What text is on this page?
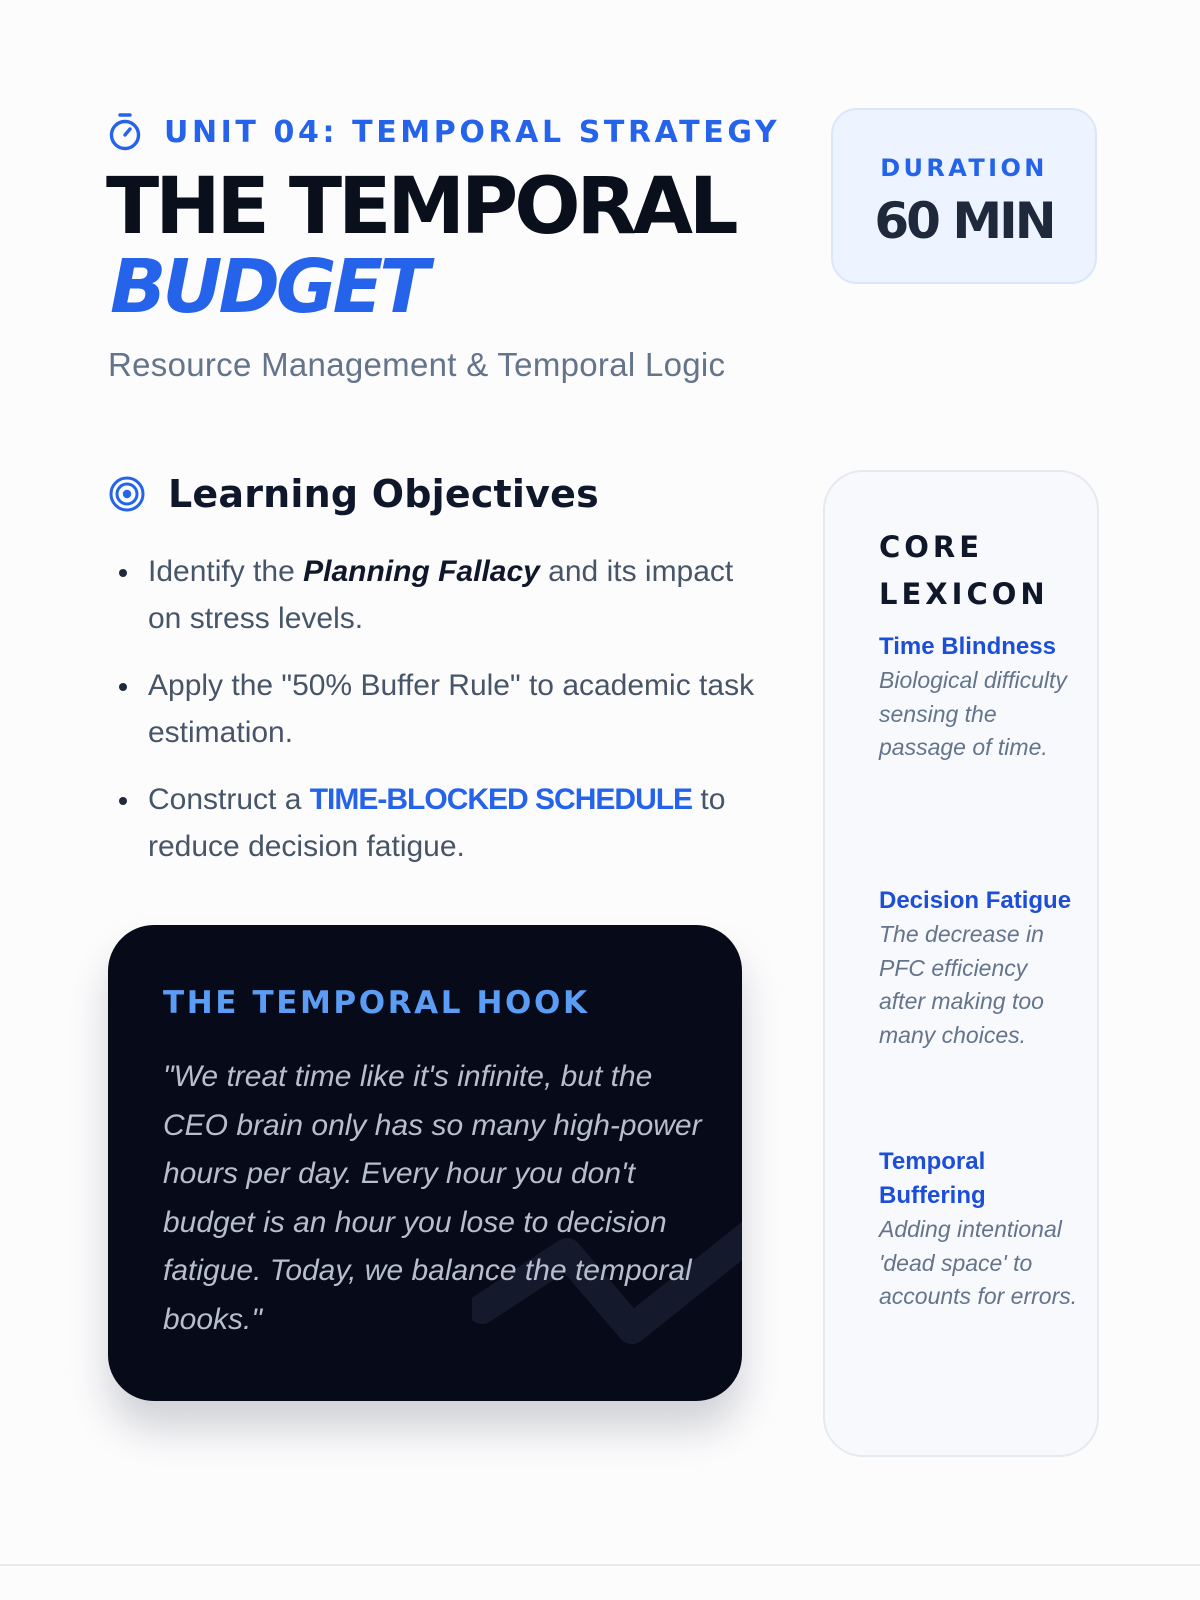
UNIT 04: TEMPORAL STRATEGY
THE TEMPORAL
BUDGET
Resource Management & Temporal Logic
DURATION
60 MIN
Learning Objectives
Identify the Planning Fallacy and its impact on stress levels.
Apply the "50% Buffer Rule" to academic task estimation.
Construct a TIME-BLOCKED SCHEDULE to reduce decision fatigue.
THE TEMPORAL HOOK
"We treat time like it's infinite, but the CEO brain only has so many high-power hours per day. Every hour you don't budget is an hour you lose to decision fatigue. Today, we balance the temporal books."
CORE LEXICON
Time Blindness
Biological difficulty sensing the passage of time.
Decision Fatigue
The decrease in PFC efficiency after making too many choices.
Temporal Buffering
Adding intentional 'dead space' to accounts for errors.
